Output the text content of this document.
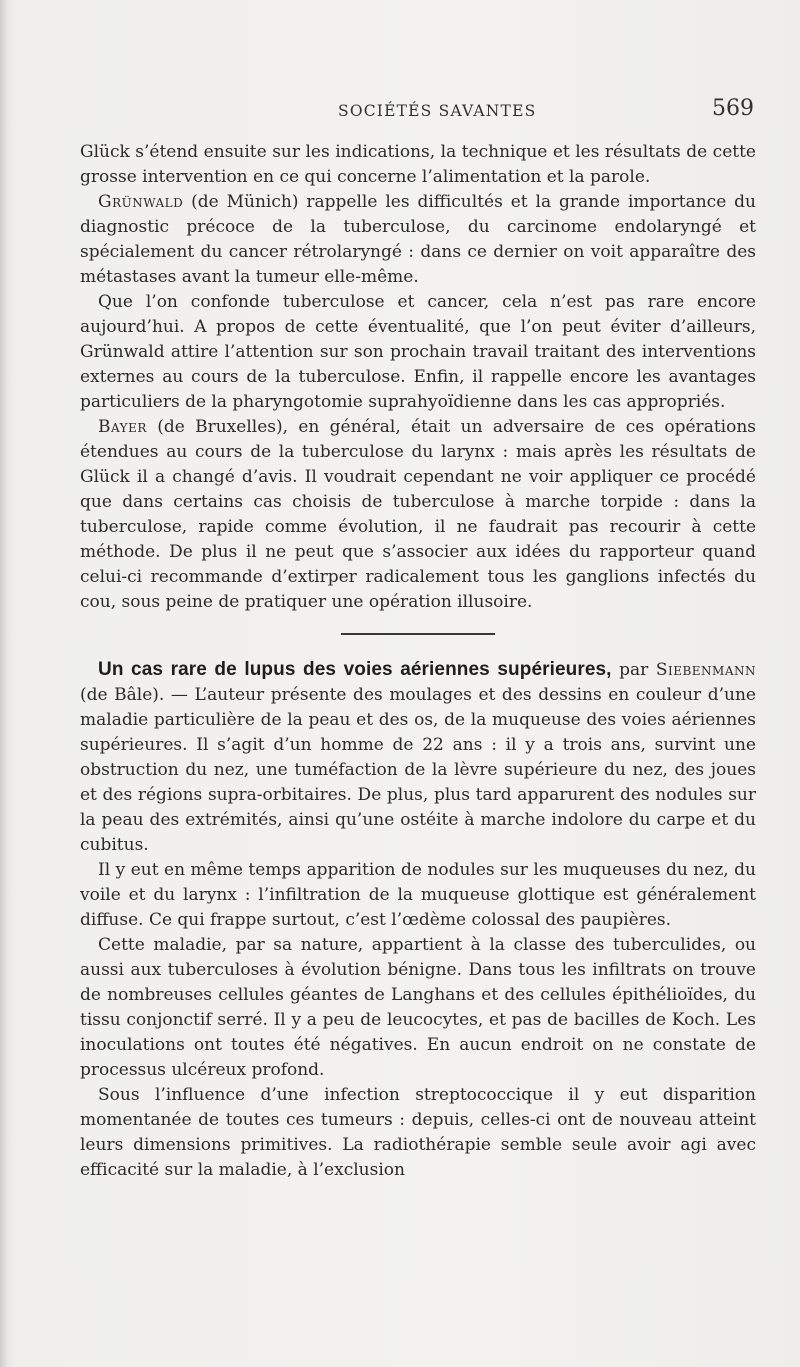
SOCIÉTÉS SAVANTES	569

Glück s’étend ensuite sur les indications, la technique et les résultats de cette grosse intervention en ce qui concerne l’alimentation et la parole.

Grünwald (de Münich) rappelle les difficultés et la grande importance du diagnostic précoce de la tuberculose, du carcinome endolaryngé et spécialement du cancer rétrolaryngé : dans ce dernier on voit apparaître des métastases avant la tumeur elle-même.

Que l’on confonde tuberculose et cancer, cela n’est pas rare encore aujourd’hui. A propos de cette éventualité, que l’on peut éviter d’ailleurs, Grünwald attire l’attention sur son prochain travail traitant des interventions externes au cours de la tuberculose. Enfin, il rappelle encore les avantages particuliers de la pharyngotomie suprahyoïdienne dans les cas appropriés.

Bayer (de Bruxelles), en général, était un adversaire de ces opérations étendues au cours de la tuberculose du larynx : mais après les résultats de Glück il a changé d’avis. Il voudrait cependant ne voir appliquer ce procédé que dans certains cas choisis de tuberculose à marche torpide : dans la tuberculose, rapide comme évolution, il ne faudrait pas recourir à cette méthode. De plus il ne peut que s’associer aux idées du rapporteur quand celui-ci recommande d’extirper radicalement tous les ganglions infectés du cou, sous peine de pratiquer une opération illusoire.

Un cas rare de lupus des voies aériennes supérieures, par Siebenmann (de Bâle). — L’auteur présente des moulages et des dessins en couleur d’une maladie particulière de la peau et des os, de la muqueuse des voies aériennes supérieures. Il s’agit d’un homme de 22 ans : il y a trois ans, survint une obstruction du nez, une tuméfaction de la lèvre supérieure du nez, des joues et des régions supra-orbitaires. De plus, plus tard apparurent des nodules sur la peau des extrémités, ainsi qu’une ostéite à marche indolore du carpe et du cubitus.

Il y eut en même temps apparition de nodules sur les muqueuses du nez, du voile et du larynx : l’infiltration de la muqueuse glottique est généralement diffuse. Ce qui frappe surtout, c’est l’œdème colossal des paupières.

Cette maladie, par sa nature, appartient à la classe des tuberculides, ou aussi aux tuberculoses à évolution bénigne. Dans tous les infiltrats on trouve de nombreuses cellules géantes de Langhans et des cellules épithélioïdes, du tissu conjonctif serré. Il y a peu de leucocytes, et pas de bacilles de Koch. Les inoculations ont toutes été négatives. En aucun endroit on ne constate de processus ulcéreux profond.

Sous l’influence d’une infection streptococcique il y eut disparition momentanée de toutes ces tumeurs : depuis, celles-ci ont de nouveau atteint leurs dimensions primitives. La radiothérapie semble seule avoir agi avec efficacité sur la maladie, à l’exclusion
